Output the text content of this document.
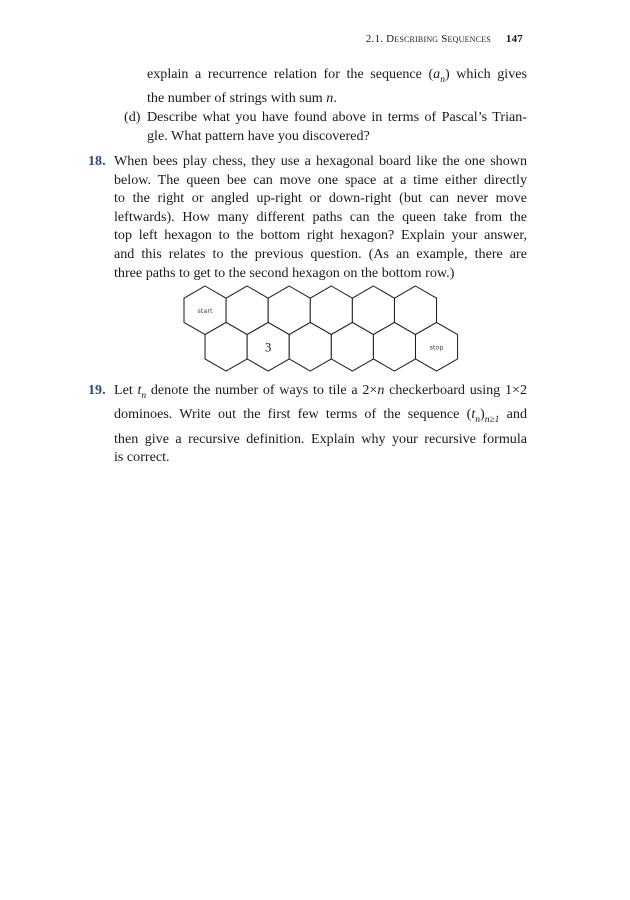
2.1. Describing Sequences 147
explain a recurrence relation for the sequence $(a_n)$ which gives
the number of strings with sum n.
(d) Describe what you have found above in terms of Pascal’s Trian-
gle. What pattern have you discovered?
18. When bees play chess, they use a hexagonal board like the one shown
below. The queen bee can move one space at a time either directly
to the right or angled up-right or down-right (but can never move
leftwards). How many different paths can the queen take from the
top left hexagon to the bottom right hexagon? Explain your answer,
and this relates to the previous question. (As an example, there are
three paths to get to the second hexagon on the bottom row.)
start
3	stop
19. Let $t_n$ denote the number of ways to tile a 2×n checkerboard using 1×2
dominoes. Write out the first few terms of the sequence $(t_n)_{n\ge 1}$ and
then give a recursive definition. Explain why your recursive formula
is correct.
